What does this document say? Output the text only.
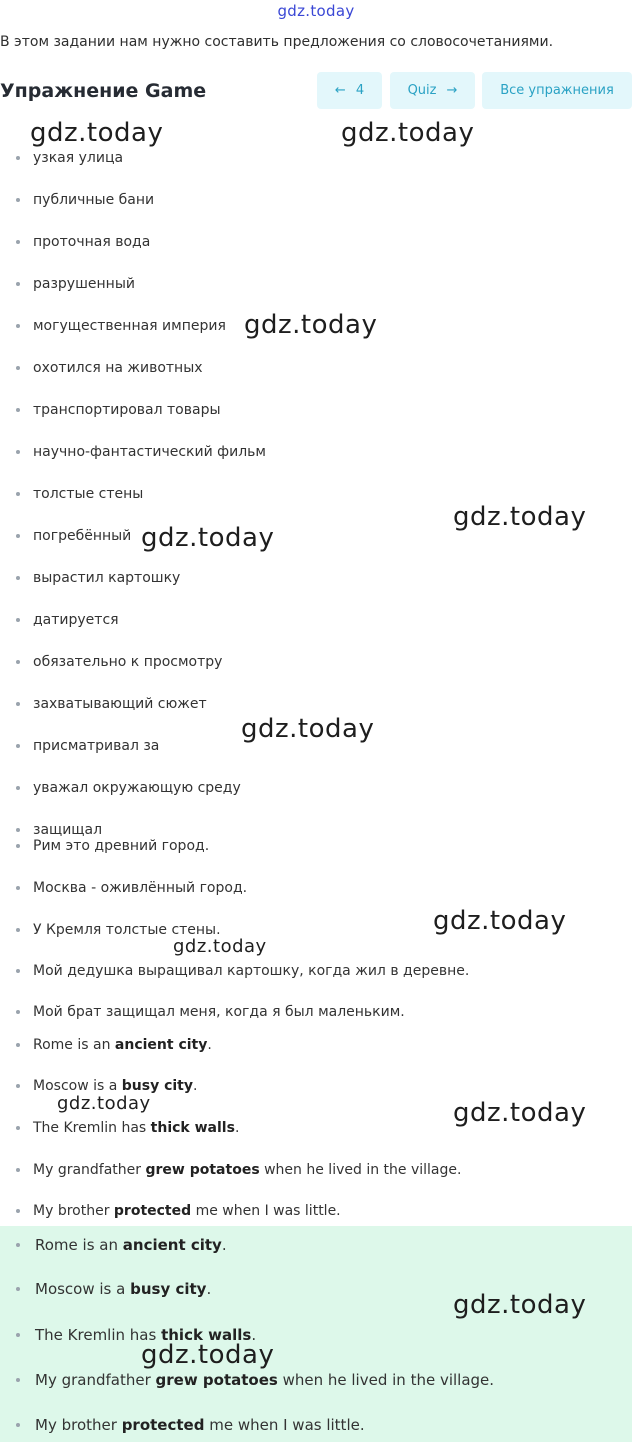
gdz.today

В этом задании нам нужно составить предложения со словосочетаниями.

Упражнение Game	← 4	Quiz →	Все упражнения
узкая улица
публичные бани
проточная вода
разрушенный
могущественная империя
охотился на животных
транспортировал товары
научно-фантастический фильм
толстые стены
погребённый
вырастил картошку
датируется
обязательно к просмотру
захватывающий сюжет
присматривал за
уважал окружающую среду
защищал
Рим это древний город.
Москва - оживлённый город.
У Кремля толстые стены.
Мой дедушка выращивал картошку, когда жил в деревне.
Мой брат защищал меня, когда я был маленьким.
Rome is an ancient city.
Moscow is a busy city.
The Kremlin has thick walls.
My grandfather grew potatoes when he lived in the village.
My brother protected me when I was little.
Rome is an ancient city.
Moscow is a busy city.
The Kremlin has thick walls.
My grandfather grew potatoes when he lived in the village.
My brother protected me when I was little.
gdz.today	gdz.today
gdz.today
gdz.today
gdz.today
gdz.today
gdz.today
gdz.today
gdz.today	gdz.today
gdz.today
gdz.today
